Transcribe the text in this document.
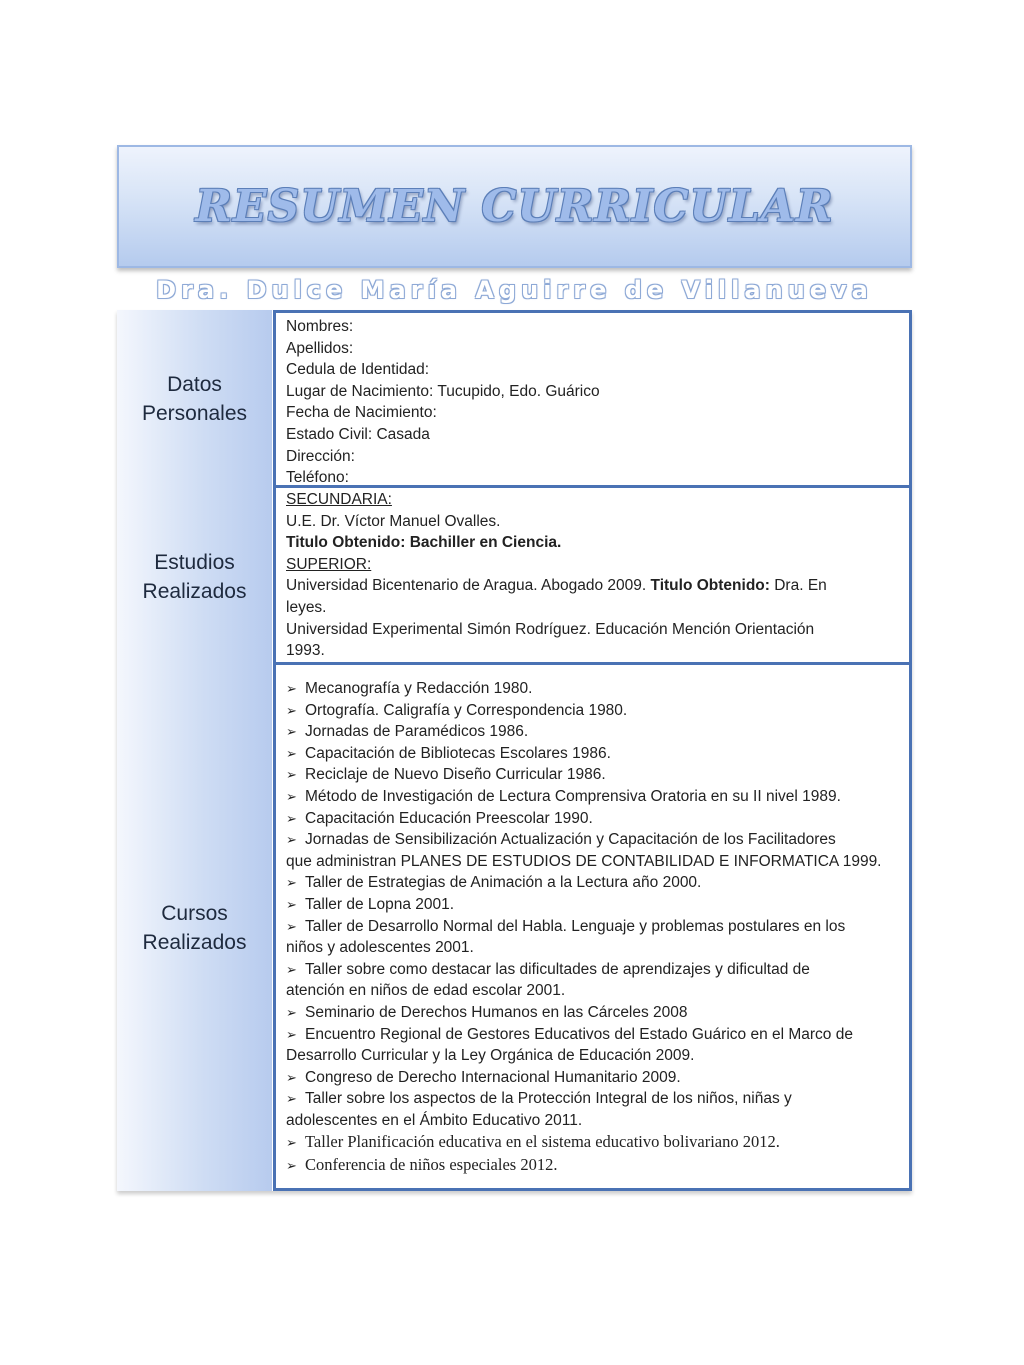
RESUMEN CURRICULAR
Dra. Dulce María Aguirre de Villanueva
Datos
Personales
Nombres:
Apellidos:
Cedula de Identidad:
Lugar de Nacimiento: Tucupido, Edo. Guárico
Fecha de Nacimiento:
Estado Civil: Casada
Dirección:
Teléfono:
Estudios
Realizados
SECUNDARIA:
U.E. Dr. Víctor Manuel Ovalles.
Titulo Obtenido: Bachiller en Ciencia.
SUPERIOR:
Universidad Bicentenario de Aragua. Abogado 2009. Titulo Obtenido: Dra. En
leyes.
Universidad Experimental Simón Rodríguez. Educación Mención Orientación
1993.
Cursos
Realizados
➢ Mecanografía y Redacción 1980.
➢ Ortografía. Caligrafía y Correspondencia 1980.
➢ Jornadas de Paramédicos 1986.
➢ Capacitación de Bibliotecas Escolares 1986.
➢ Reciclaje de Nuevo Diseño Curricular 1986.
➢ Método de Investigación de Lectura Comprensiva Oratoria en su II nivel 1989.
➢ Capacitación Educación Preescolar 1990.
➢ Jornadas de Sensibilización Actualización y Capacitación de los Facilitadores
que administran PLANES DE ESTUDIOS DE CONTABILIDAD E INFORMATICA 1999.
➢ Taller de Estrategias de Animación a la Lectura año 2000.
➢ Taller de Lopna 2001.
➢ Taller de Desarrollo Normal del Habla. Lenguaje y problemas postulares en los
niños y adolescentes 2001.
➢ Taller sobre como destacar las dificultades de aprendizajes y dificultad de
atención en niños de edad escolar 2001.
➢ Seminario de Derechos Humanos en las Cárceles 2008
➢ Encuentro Regional de Gestores Educativos del Estado Guárico en el Marco de
Desarrollo Curricular y la Ley Orgánica de Educación 2009.
➢ Congreso de Derecho Internacional Humanitario 2009.
➢ Taller sobre los aspectos de la Protección Integral de los niños, niñas y
adolescentes en el Ámbito Educativo 2011.
➢ Taller Planificación educativa en el sistema educativo bolivariano 2012.
➢ Conferencia de niños especiales 2012.
